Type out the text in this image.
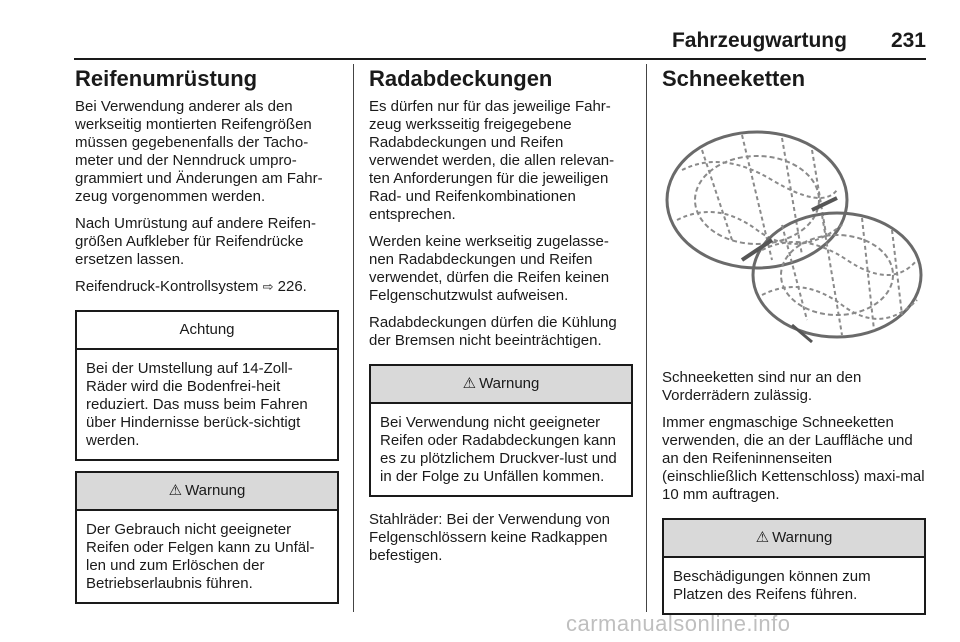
Fahrzeugwartung 231
Reifenumrüstung

Bei Verwendung anderer als den werkseitig montierten Reifengrößen müssen gegebenenfalls der Tacho-meter und der Nenndruck umpro-grammiert und Änderungen am Fahr-zeug vorgenommen werden.

Nach Umrüstung auf andere Reifen-größen Aufkleber für Reifendrücke ersetzen lassen.

Reifendruck-Kontrollsystem ⇨ 226.

Achtung
Bei der Umstellung auf 14-Zoll-Räder wird die Bodenfrei-heit reduziert. Das muss beim Fahren über Hindernisse berück-sichtigt werden.
⚠ Warnung
Der Gebrauch nicht geeigneter Reifen oder Felgen kann zu Unfäl-len und zum Erlöschen der Betriebserlaubnis führen.
Radabdeckungen

Es dürfen nur für das jeweilige Fahr-zeug werksseitig freigegebene Radabdeckungen und Reifen verwendet werden, die allen relevan-ten Anforderungen für die jeweiligen Rad- und Reifenkombinationen entsprechen.

Werden keine werkseitig zugelasse-nen Radabdeckungen und Reifen verwendet, dürfen die Reifen keinen Felgenschutzwulst aufweisen.

Radabdeckungen dürfen die Kühlung der Bremsen nicht beeinträchtigen.

⚠ Warnung
Bei Verwendung nicht geeigneter Reifen oder Radabdeckungen kann es zu plötzlichem Druckver-lust und in der Folge zu Unfällen kommen.

Stahlräder: Bei der Verwendung von Felgenschlössern keine Radkappen befestigen.

Schneeketten

Schneeketten sind nur an den Vorderrädern zulässig.

Immer engmaschige Schneeketten verwenden, die an der Lauffläche und an den Reifeninnenseiten (einschließlich Kettenschloss) maxi-mal 10 mm auftragen.

⚠ Warnung
Beschädigungen können zum Platzen des Reifens führen.
carmanualsonline.info
